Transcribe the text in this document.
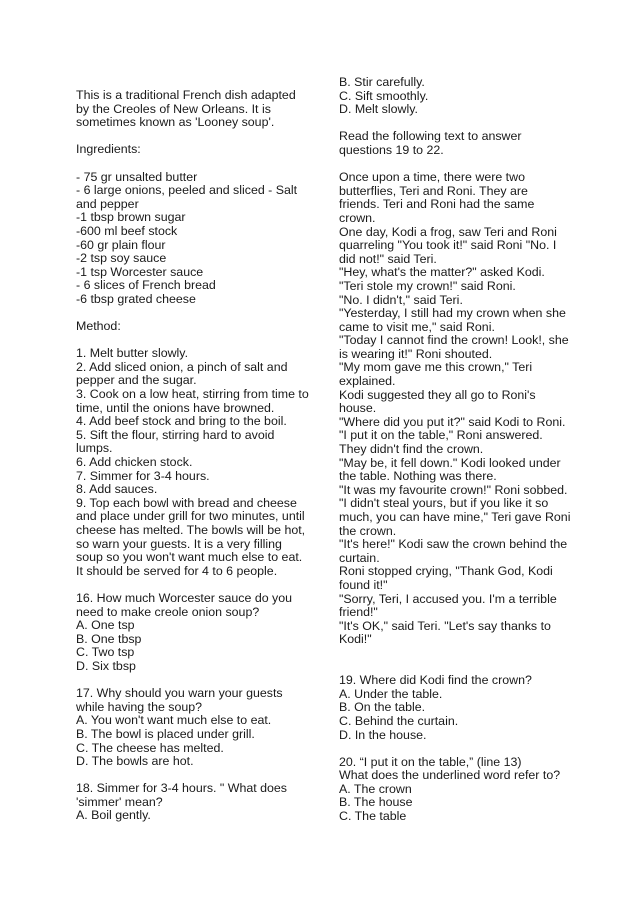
This is a traditional French dish adapted
by the Creoles of New Orleans. It is
sometimes known as 'Looney soup'.
Ingredients:
- 75 gr unsalted butter
- 6 large onions, peeled and sliced - Salt
and pepper
-1 tbsp brown sugar
-600 ml beef stock
-60 gr plain flour
-2 tsp soy sauce
-1 tsp Worcester sauce
- 6 slices of French bread
-6 tbsp grated cheese
Method:
1. Melt butter slowly.
2. Add sliced onion, a pinch of salt and
pepper and the sugar.
3. Cook on a low heat, stirring from time to
time, until the onions have browned.
4. Add beef stock and bring to the boil.
5. Sift the flour, stirring hard to avoid
lumps.
6. Add chicken stock.
7. Simmer for 3-4 hours.
8. Add sauces.
9. Top each bowl with bread and cheese
and place under grill for two minutes, until
cheese has melted. The bowls will be hot,
so warn your guests. It is a very filling
soup so you won't want much else to eat.
It should be served for 4 to 6 people.
16. How much Worcester sauce do you
need to make creole onion soup?
A. One tsp
B. One tbsp
C. Two tsp
D. Six tbsp
17. Why should you warn your guests
while having the soup?
A. You won't want much else to eat.
B. The bowl is placed under grill.
C. The cheese has melted.
D. The bowls are hot.
18. Simmer for 3-4 hours. " What does
'simmer' mean?
A. Boil gently.
B. Stir carefully.
C. Sift smoothly.
D. Melt slowly.
Read the following text to answer
questions 19 to 22.
Once upon a time, there were two
butterflies, Teri and Roni. They are
friends. Teri and Roni had the same
crown.
One day, Kodi a frog, saw Teri and Roni
quarreling "You took it!" said Roni "No. I
did not!" said Teri.
"Hey, what's the matter?" asked Kodi.
"Teri stole my crown!" said Roni.
"No. I didn't," said Teri.
"Yesterday, I still had my crown when she
came to visit me," said Roni.
"Today I cannot find the crown! Look!, she
is wearing it!" Roni shouted.
"My mom gave me this crown," Teri
explained.
Kodi suggested they all go to Roni's
house.
"Where did you put it?" said Kodi to Roni.
"I put it on the table," Roni answered.
They didn't find the crown.
"May be, it fell down." Kodi looked under
the table. Nothing was there.
"It was my favourite crown!" Roni sobbed.
"I didn't steal yours, but if you like it so
much, you can have mine," Teri gave Roni
the crown.
"It's here!" Kodi saw the crown behind the
curtain.
Roni stopped crying, "Thank God, Kodi
found it!"
"Sorry, Teri, I accused you. I'm a terrible
friend!"
"It's OK," said Teri. "Let's say thanks to
Kodi!"
19. Where did Kodi find the crown?
A. Under the table.
B. On the table.
C. Behind the curtain.
D. In the house.
20. “I put it on the table,” (line 13)
What does the underlined word refer to?
A. The crown
B. The house
C. The table
